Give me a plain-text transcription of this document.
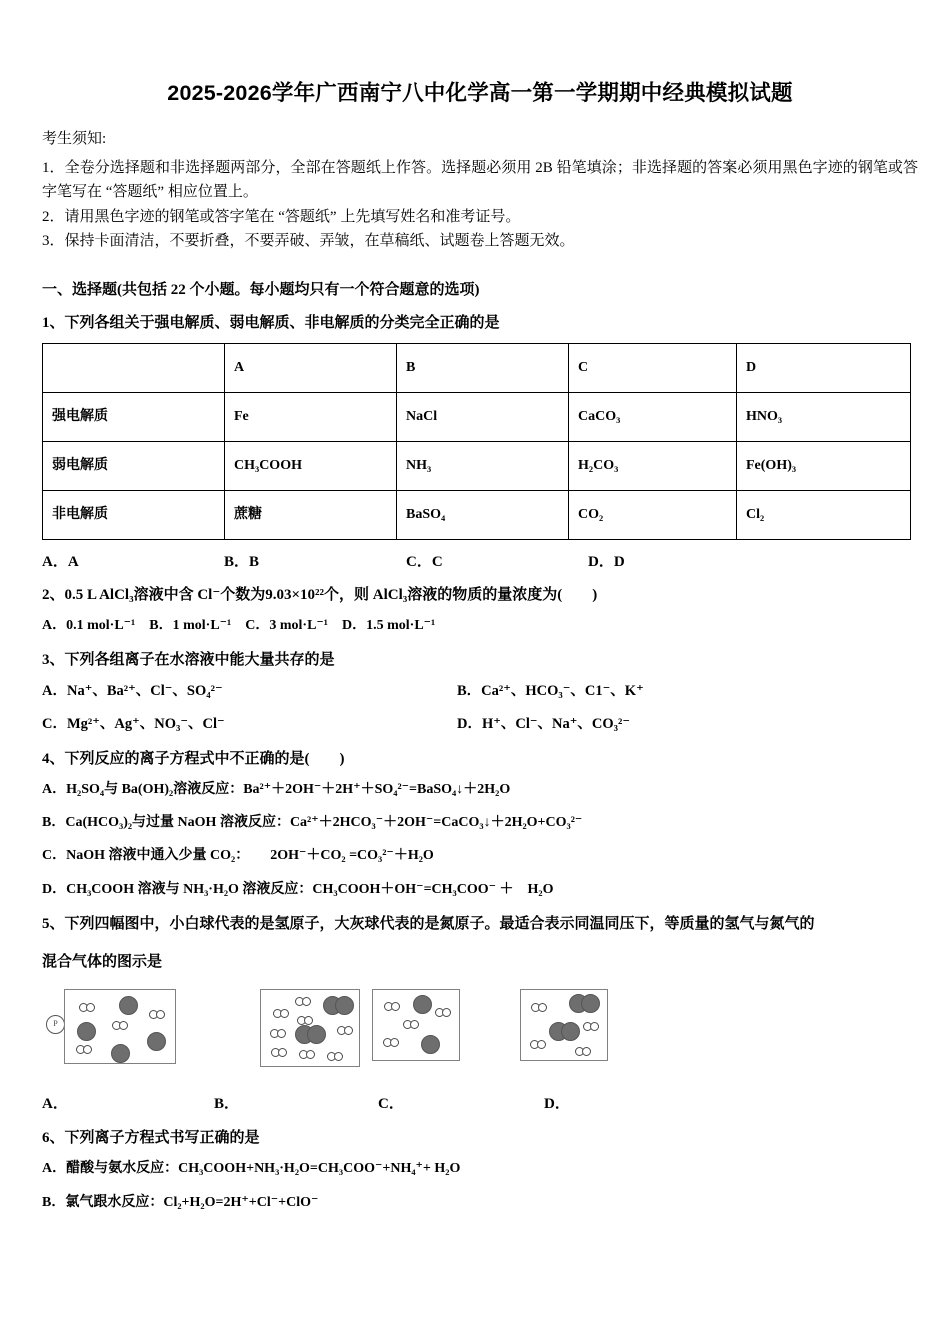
2025-2026学年广西南宁八中化学高一第一学期期中经典模拟试题

考生须知:

1．全卷分选择题和非选择题两部分，全部在答题纸上作答。选择题必须用 2B 铅笔填涂；非选择题的答案必须用黑色字迹的钢笔或答字笔写在 “答题纸” 相应位置上。

2．请用黑色字迹的钢笔或答字笔在 “答题纸” 上先填写姓名和准考证号。

3．保持卡面清洁，不要折叠，不要弄破、弄皱，在草稿纸、试题卷上答题无效。

一、选择题(共包括 22 个小题。每小题均只有一个符合题意的选项)

1、下列各组关于强电解质、弱电解质、非电解质的分类完全正确的是

	A	B	C	D
强电解质	Fe	NaCl	CaCO₃	HNO₃
弱电解质	CH₃COOH	NH₃	H₂CO₃	Fe(OH)₃
非电解质	蔗糖	BaSO₄	CO₂	Cl₂
A．A	B．B	C．C	D．D

2、0.5 L AlCl₃溶液中含 Cl⁻个数为9.03×10²²个，则 AlCl₃溶液的物质的量浓度为(　　)

A．0.1 mol·L⁻¹　B．1 mol·L⁻¹　C．3 mol·L⁻¹　D．1.5 mol·L⁻¹

3、下列各组离子在水溶液中能大量共存的是

A．Na⁺、Ba²⁺、Cl⁻、SO₄²⁻	B．Ca²⁺、HCO₃⁻、C1⁻、K⁺
C．Mg²⁺、Ag⁺、NO₃⁻、Cl⁻	D．H⁺、Cl⁻、Na⁺、CO₃²⁻

4、下列反应的离子方程式中不正确的是(　　)

A．H₂SO₄与 Ba(OH)₂溶液反应：Ba²⁺＋2OH⁻＋2H⁺＋SO₄²⁻=BaSO₄↓＋2H₂O

B．Ca(HCO₃)₂与过量 NaOH 溶液反应：Ca²⁺＋2HCO₃⁻＋2OH⁻=CaCO₃↓＋2H₂O+CO₃²⁻

C．NaOH 溶液中通入少量 CO₂：　　2OH⁻＋CO₂ =CO₃²⁻＋H₂O

D．CH₃COOH 溶液与 NH₃·H₂O 溶液反应：CH₃COOH＋OH⁻=CH₃COO⁻ ＋　H₂O

5、下列四幅图中，小白球代表的是氢原子，大灰球代表的是氮原子。最适合表示同温同压下，等质量的氢气与氮气的

混合气体的图示是

P
A．	B．	C．	D．

6、下列离子方程式书写正确的是

A．醋酸与氨水反应：CH₃COOH+NH₃·H₂O=CH₃COO⁻+NH₄⁺+ H₂O

B．氯气跟水反应：Cl₂+H₂O=2H⁺+Cl⁻+ClO⁻
